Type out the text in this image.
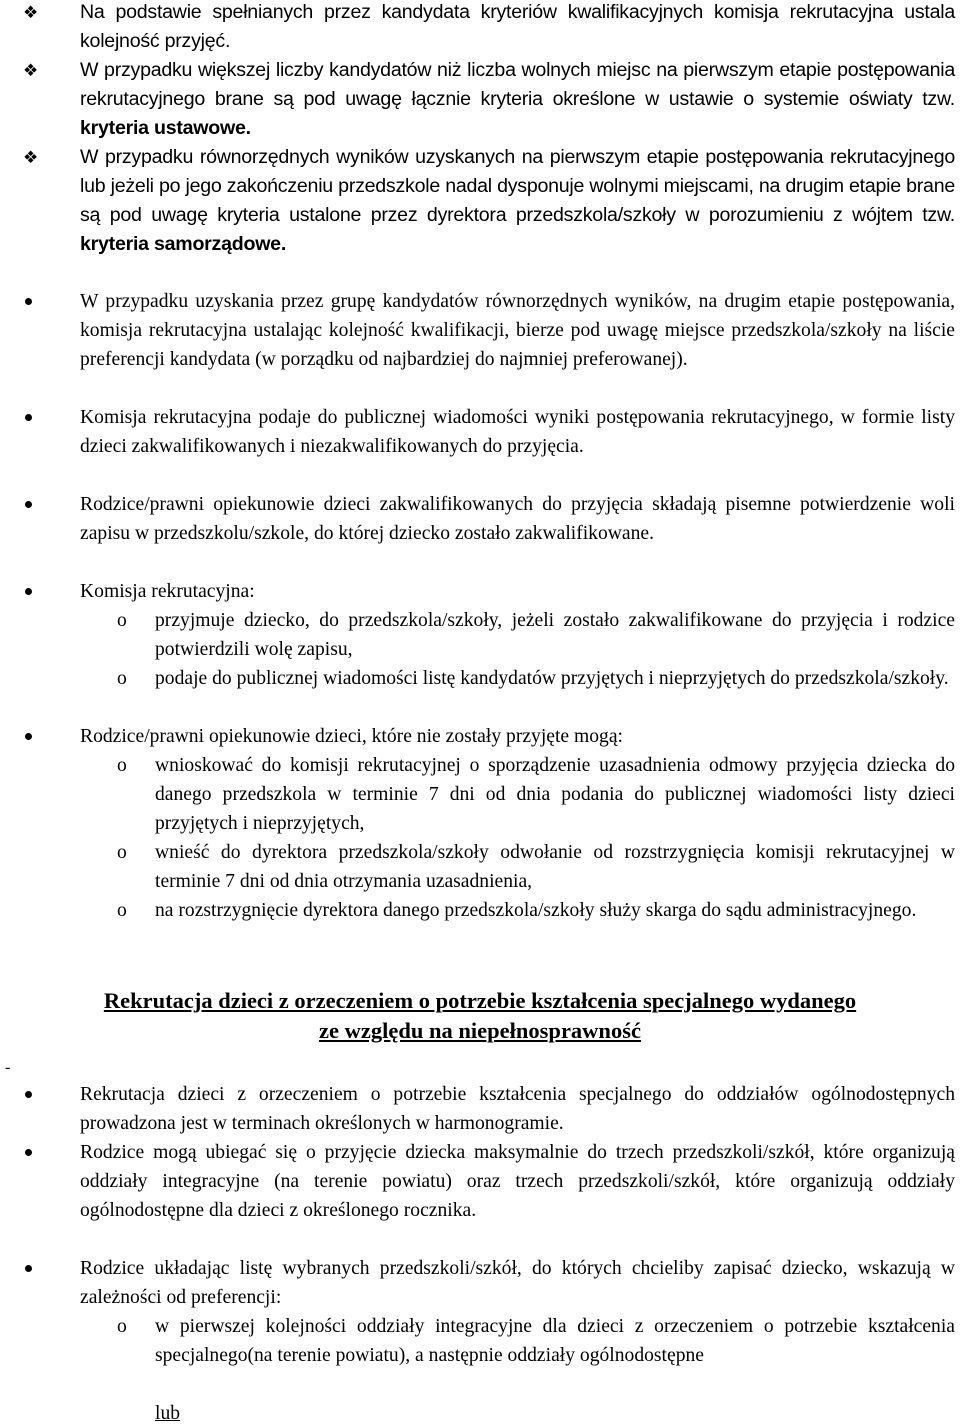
❖	Na podstawie spełnianych przez kandydata kryteriów kwalifikacyjnych komisja rekrutacyjna ustala kolejność przyjęć.
❖	W przypadku większej liczby kandydatów niż liczba wolnych miejsc na pierwszym etapie postępowania rekrutacyjnego brane są pod uwagę łącznie kryteria określone w ustawie o systemie oświaty tzw. kryteria ustawowe.
❖	W przypadku równorzędnych wyników uzyskanych na pierwszym etapie postępowania rekrutacyjnego lub jeżeli po jego zakończeniu przedszkole nadal dysponuje wolnymi miejscami, na drugim etapie brane są pod uwagę kryteria ustalone przez dyrektora przedszkola/szkoły w porozumieniu z wójtem tzw. kryteria samorządowe.
W przypadku uzyskania przez grupę kandydatów równorzędnych wyników, na drugim etapie postępowania, komisja rekrutacyjna ustalając kolejność kwalifikacji, bierze pod uwagę miejsce przedszkola/szkoły na liście preferencji kandydata (w porządku od najbardziej do najmniej preferowanej).
Komisja rekrutacyjna podaje do publicznej wiadomości wyniki postępowania rekrutacyjnego, w formie listy dzieci zakwalifikowanych i niezakwalifikowanych do przyjęcia.
Rodzice/prawni opiekunowie dzieci zakwalifikowanych do przyjęcia składają pisemne potwierdzenie woli zapisu w przedszkolu/szkole, do której dziecko zostało zakwalifikowane.
Komisja rekrutacyjna:
o przyjmuje dziecko, do przedszkola/szkoły, jeżeli zostało zakwalifikowane do przyjęcia i rodzice potwierdzili wolę zapisu,
o podaje do publicznej wiadomości listę kandydatów przyjętych i nieprzyjętych do przedszkola/szkoły.
Rodzice/prawni opiekunowie dzieci, które nie zostały przyjęte mogą:
o wnioskować do komisji rekrutacyjnej o sporządzenie uzasadnienia odmowy przyjęcia dziecka do danego przedszkola w terminie 7 dni od dnia podania do publicznej wiadomości listy dzieci przyjętych i nieprzyjętych,
o wnieść do dyrektora przedszkola/szkoły odwołanie od rozstrzygnięcia komisji rekrutacyjnej w terminie 7 dni od dnia otrzymania uzasadnienia,
o na rozstrzygnięcie dyrektora danego przedszkola/szkoły służy skarga do sądu administracyjnego.
Rekrutacja dzieci z orzeczeniem o potrzebie kształcenia specjalnego wydanego
ze względu na niepełnosprawność
-
Rekrutacja dzieci z orzeczeniem o potrzebie kształcenia specjalnego do oddziałów ogólnodostępnych prowadzona jest w terminach określonych w harmonogramie.
Rodzice mogą ubiegać się o przyjęcie dziecka maksymalnie do trzech przedszkoli/szkół, które organizują oddziały integracyjne (na terenie powiatu) oraz trzech przedszkoli/szkół, które organizują oddziały ogólnodostępne dla dzieci z określonego rocznika.
Rodzice układając listę wybranych przedszkoli/szkół, do których chcieliby zapisać dziecko, wskazują w zależności od preferencji:
o w pierwszej kolejności oddziały integracyjne dla dzieci z orzeczeniem o potrzebie kształcenia specjalnego(na terenie powiatu), a następnie oddziały ogólnodostępne
lub
